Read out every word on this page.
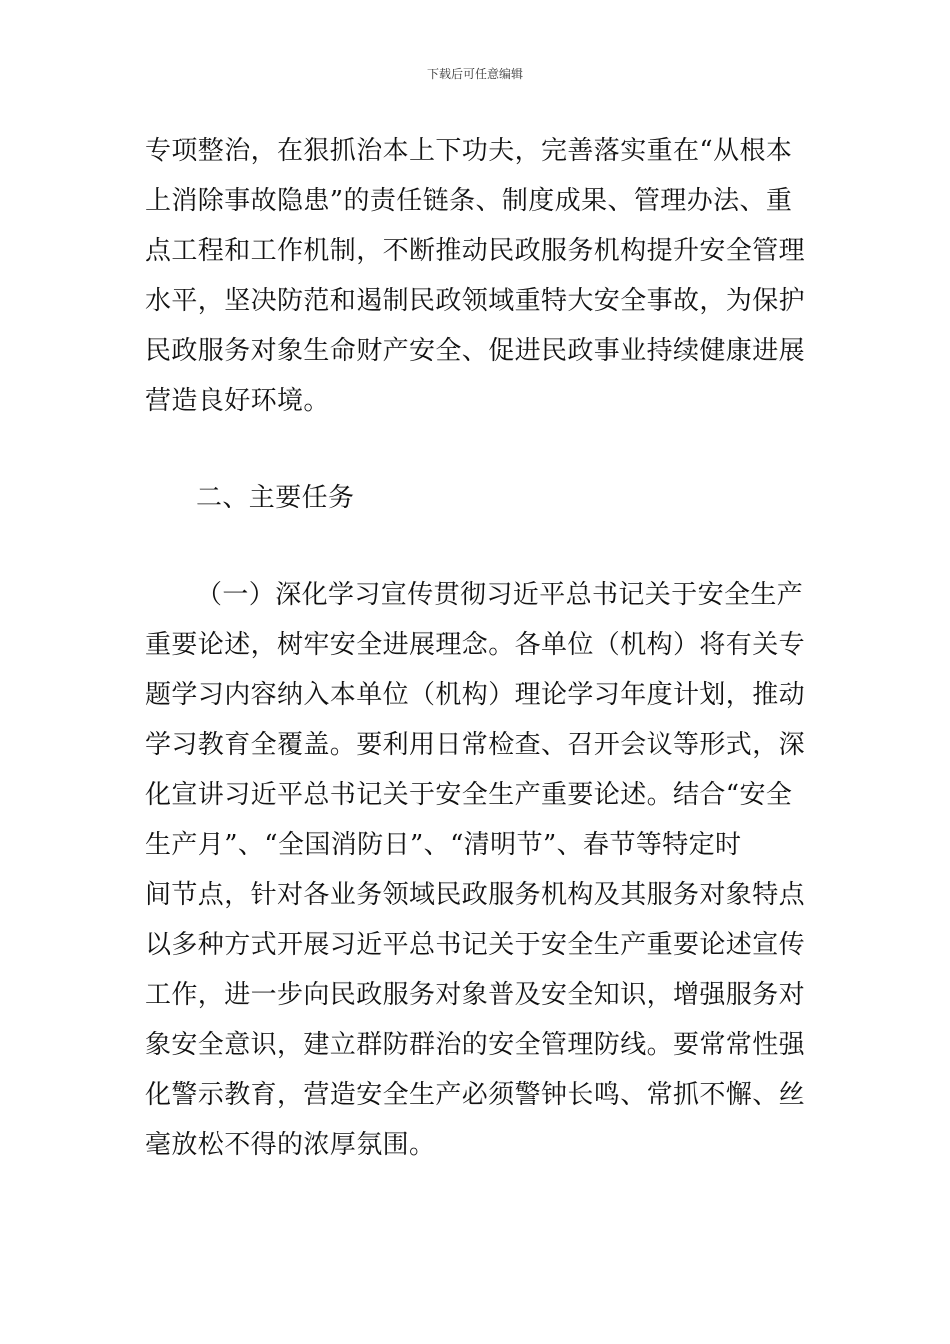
下载后可任意编辑
专项整治，在狠抓治本上下功夫，完善落实重在“从根本
上消除事故隐患”的责任链条、制度成果、管理办法、重
点工程和工作机制，不断推动民政服务机构提升安全管理
水平，坚决防范和遏制民政领域重特大安全事故，为保护
民政服务对象生命财产安全、促进民政事业持续健康进展
营造良好环境。
二、主要任务
（一）深化学习宣传贯彻习近平总书记关于安全生产
重要论述，树牢安全进展理念。各单位（机构）将有关专
题学习内容纳入本单位（机构）理论学习年度计划，推动
学习教育全覆盖。要利用日常检查、召开会议等形式，深
化宣讲习近平总书记关于安全生产重要论述。结合“安全
生产月”、“全国消防日”、“清明节”、春节等特定时
间节点，针对各业务领域民政服务机构及其服务对象特点
以多种方式开展习近平总书记关于安全生产重要论述宣传
工作，进一步向民政服务对象普及安全知识，增强服务对
象安全意识，建立群防群治的安全管理防线。要常常性强
化警示教育，营造安全生产必须警钟长鸣、常抓不懈、丝
毫放松不得的浓厚氛围。
